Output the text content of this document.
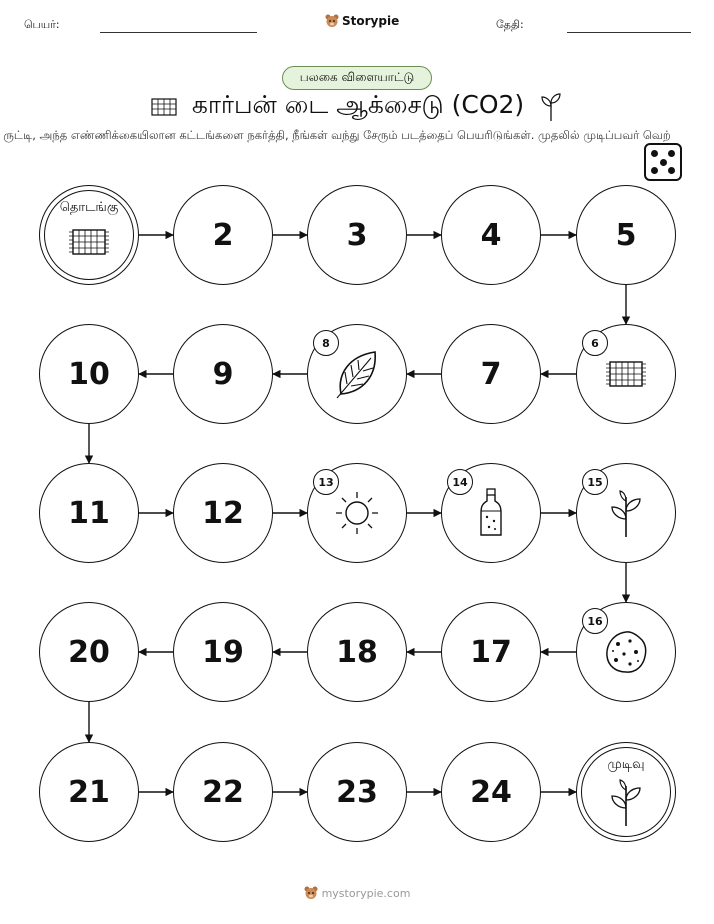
பெயர்:	Storypie	தேதி:
பலகை விளையாட்டு
கார்பன் டை ஆக்சைடு (CO2)
ருட்டி, அந்த எண்ணிக்கையிலான கட்டங்களை நகர்த்தி, நீங்கள் வந்து சேரும் படத்தைப் பெயரிடுங்கள். முதலில் முடிப்பவர் வெற்
தொடங்கு
2	3	4	5
6
7
8
9
10
11	12
13	14	15
16
17
18
19
20
21	22	23	24
முடிவு
mystorypie.com
